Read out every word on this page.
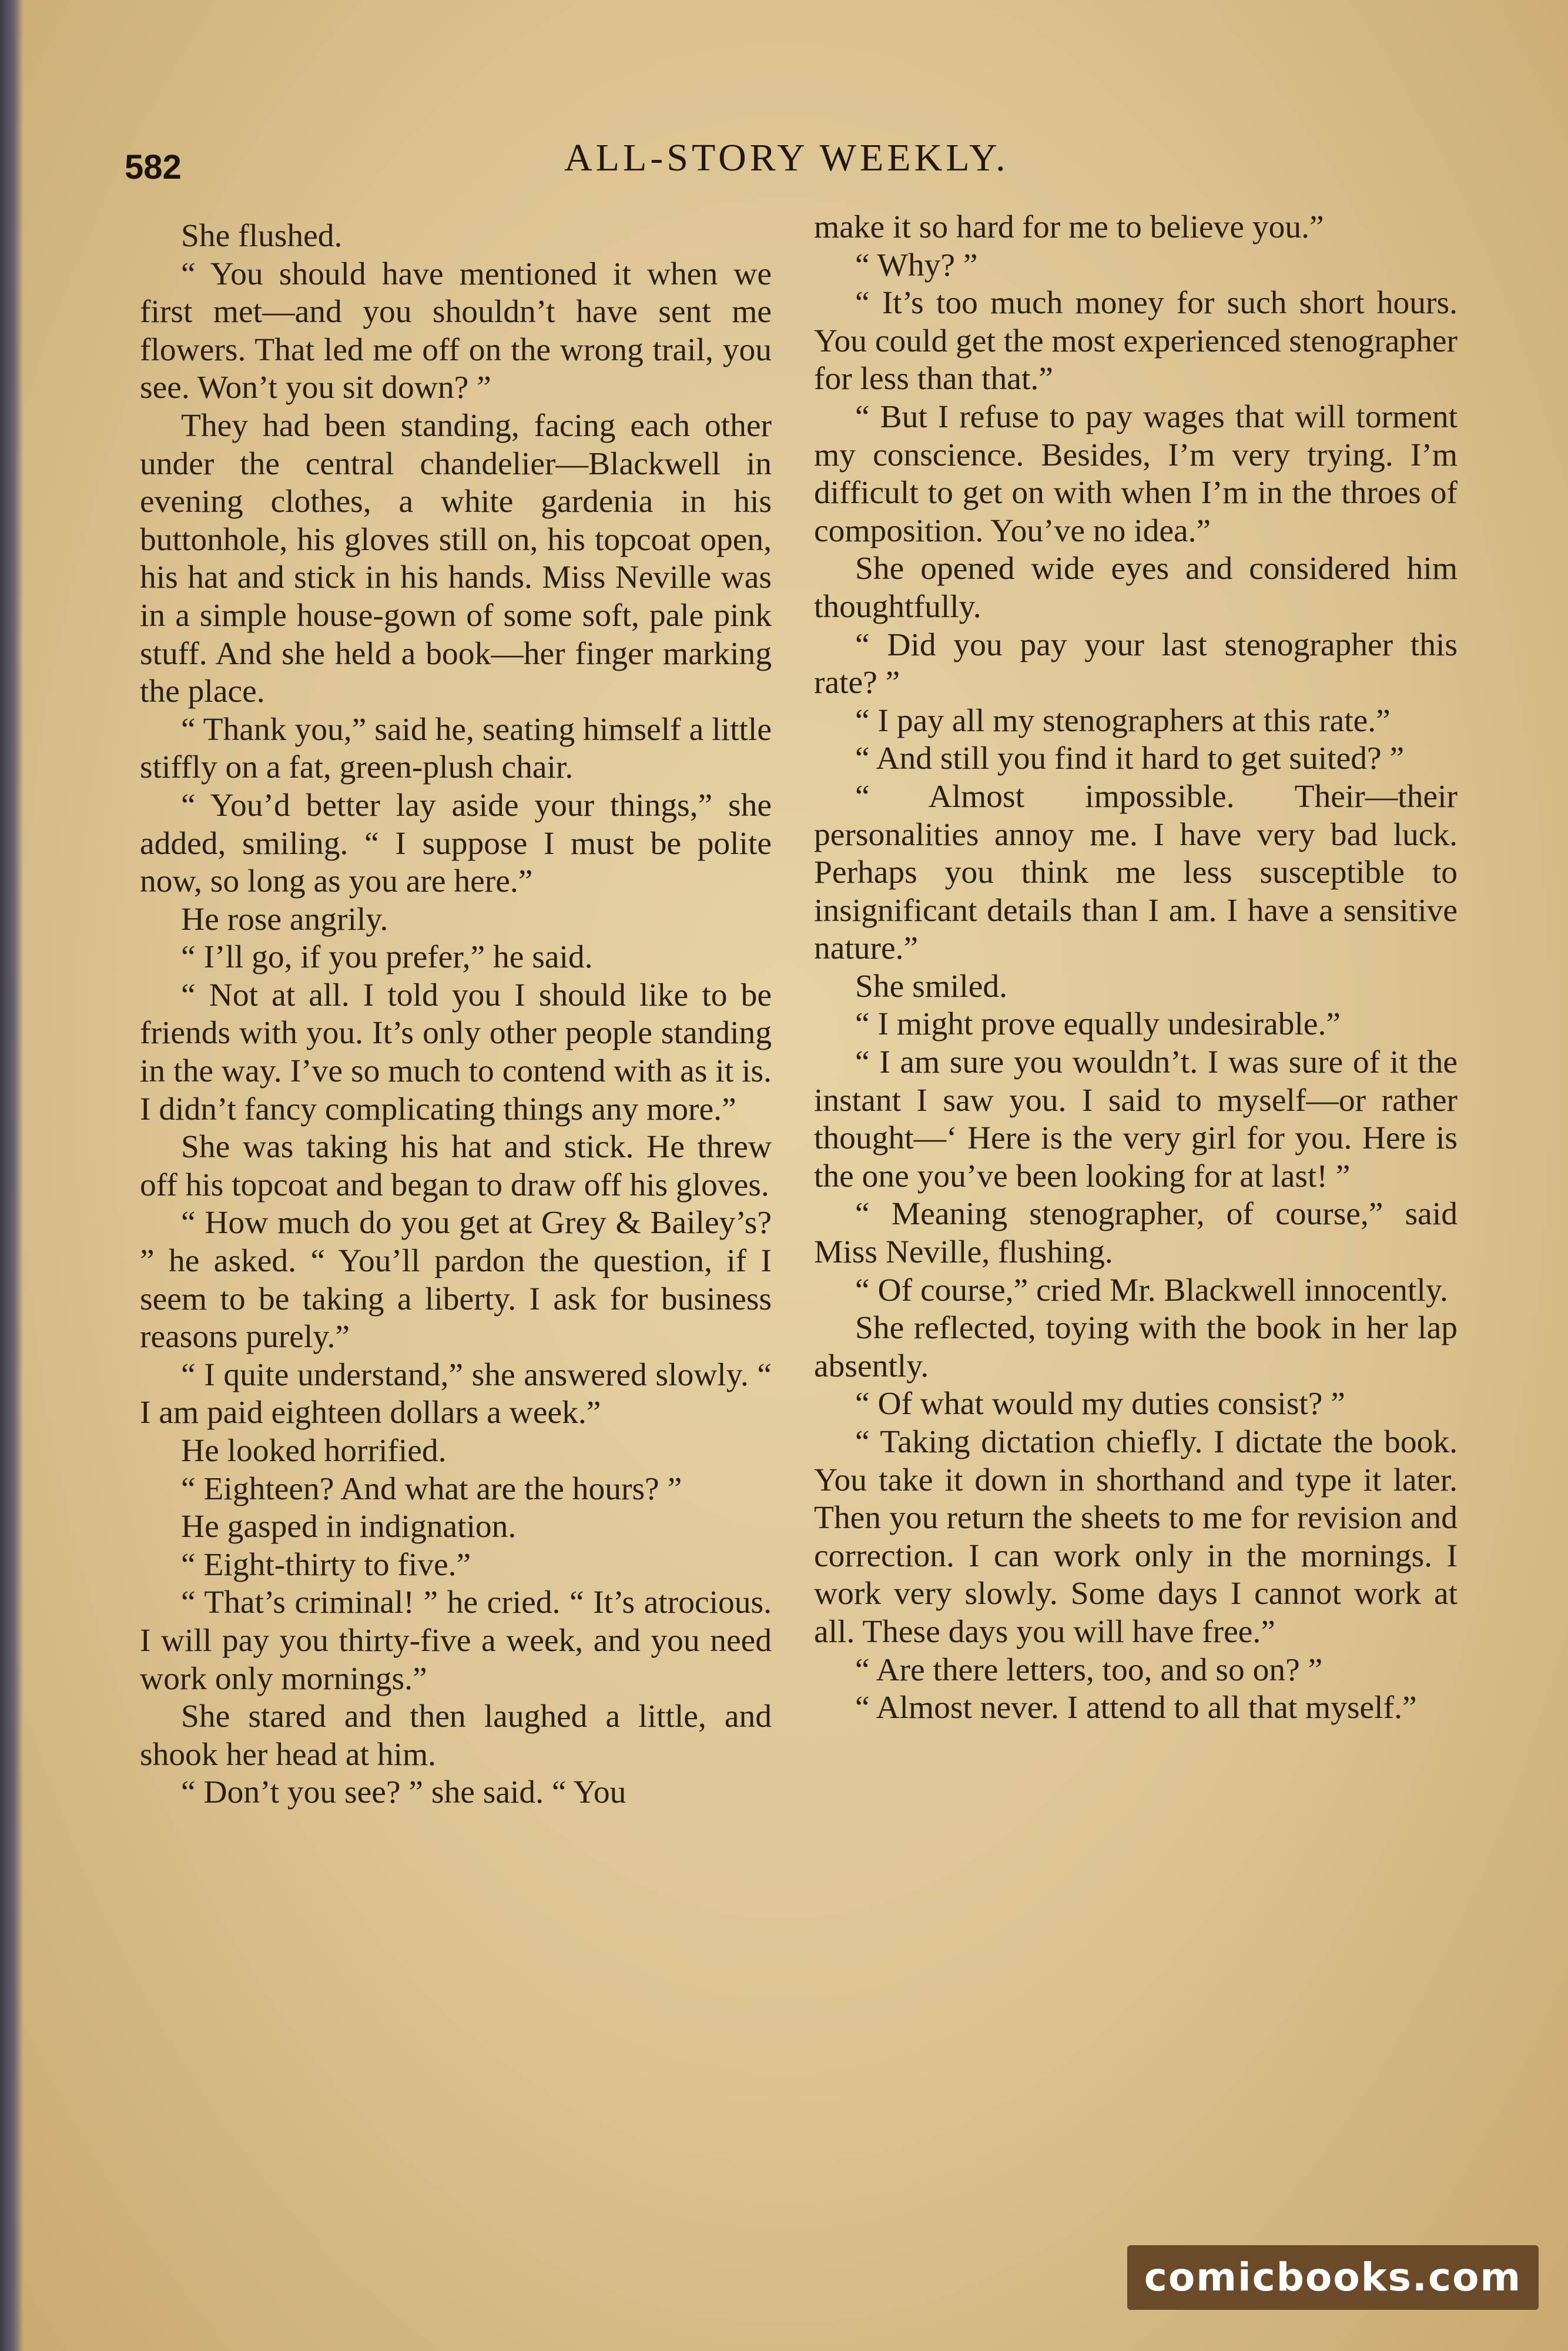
582	ALL-STORY WEEKLY.

She flushed.

“ You should have mentioned it when we first met—and you shouldn’t have sent me flowers. That led me off on the wrong trail, you see. Won’t you sit down? ”

They had been standing, facing each other under the central chandelier—Blackwell in evening clothes, a white gardenia in his buttonhole, his gloves still on, his topcoat open, his hat and stick in his hands. Miss Neville was in a simple house-gown of some soft, pale pink stuff. And she held a book—her finger marking the place.

“ Thank you,” said he, seating himself a little stiffly on a fat, green-plush chair.

“ You’d better lay aside your things,” she added, smiling. “ I suppose I must be polite now, so long as you are here.”

He rose angrily.

“ I’ll go, if you prefer,” he said.

“ Not at all. I told you I should like to be friends with you. It’s only other people standing in the way. I’ve so much to contend with as it is. I didn’t fancy complicating things any more.”

She was taking his hat and stick. He threw off his topcoat and began to draw off his gloves.

“ How much do you get at Grey & Bailey’s? ” he asked. “ You’ll pardon the question, if I seem to be taking a liberty. I ask for business reasons purely.”

“ I quite understand,” she answered slowly. “ I am paid eighteen dollars a week.”

He looked horrified.

“ Eighteen? And what are the hours? ”

He gasped in indignation.

“ Eight-thirty to five.”

“ That’s criminal! ” he cried. “ It’s atrocious. I will pay you thirty-five a week, and you need work only mornings.”

She stared and then laughed a little, and shook her head at him.

“ Don’t you see? ” she said. “ You

make it so hard for me to believe you.”

“ Why? ”

“ It’s too much money for such short hours. You could get the most experienced stenographer for less than that.”

“ But I refuse to pay wages that will torment my conscience. Besides, I’m very trying. I’m difficult to get on with when I’m in the throes of composition. You’ve no idea.”

She opened wide eyes and considered him thoughtfully.

“ Did you pay your last stenographer this rate? ”

“ I pay all my stenographers at this rate.”

“ And still you find it hard to get suited? ”

“ Almost impossible. Their—their personalities annoy me. I have very bad luck. Perhaps you think me less susceptible to insignificant details than I am. I have a sensitive nature.”

She smiled.

“ I might prove equally undesirable.”

“ I am sure you wouldn’t. I was sure of it the instant I saw you. I said to myself—or rather thought—‘ Here is the very girl for you. Here is the one you’ve been looking for at last! ”

“ Meaning stenographer, of course,” said Miss Neville, flushing.

“ Of course,” cried Mr. Blackwell innocently.

She reflected, toying with the book in her lap absently.

“ Of what would my duties consist? ”

“ Taking dictation chiefly. I dictate the book. You take it down in shorthand and type it later. Then you return the sheets to me for revision and correction. I can work only in the mornings. I work very slowly. Some days I cannot work at all. These days you will have free.”

“ Are there letters, too, and so on? ”

“ Almost never. I attend to all that myself.”

comicbooks.com
